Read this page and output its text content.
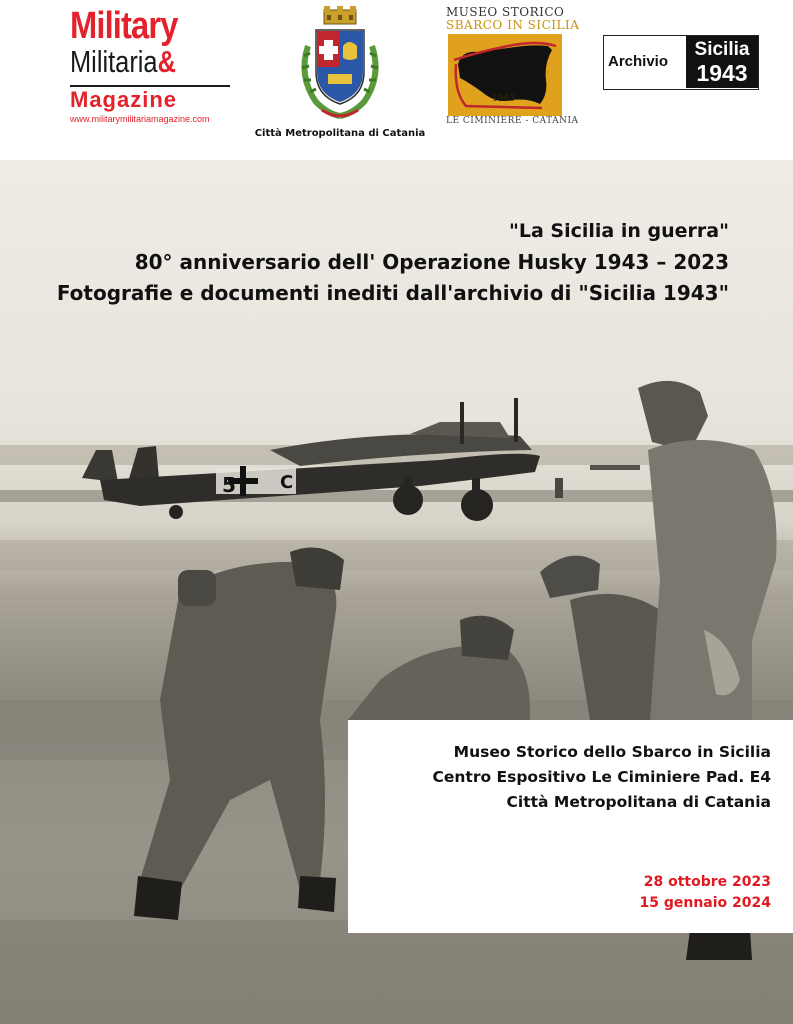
Military
Militaria&
Magazine
www.militarymilitariamagazine.com
Città Metropolitana di Catania
MUSEO STORICO
SBARCO IN SICILIA
1943
LE CIMINIERE - CATANIA
Archivio
Sicilia
1943
5 C
"La Sicilia in guerra"
80° anniversario dell' Operazione Husky 1943 – 2023
Fotografie e documenti inediti dall'archivio di "Sicilia 1943"
Museo Storico dello Sbarco in Sicilia
Centro Espositivo Le Ciminiere Pad. E4
Città Metropolitana di Catania
28 ottobre 2023
15 gennaio 2024
